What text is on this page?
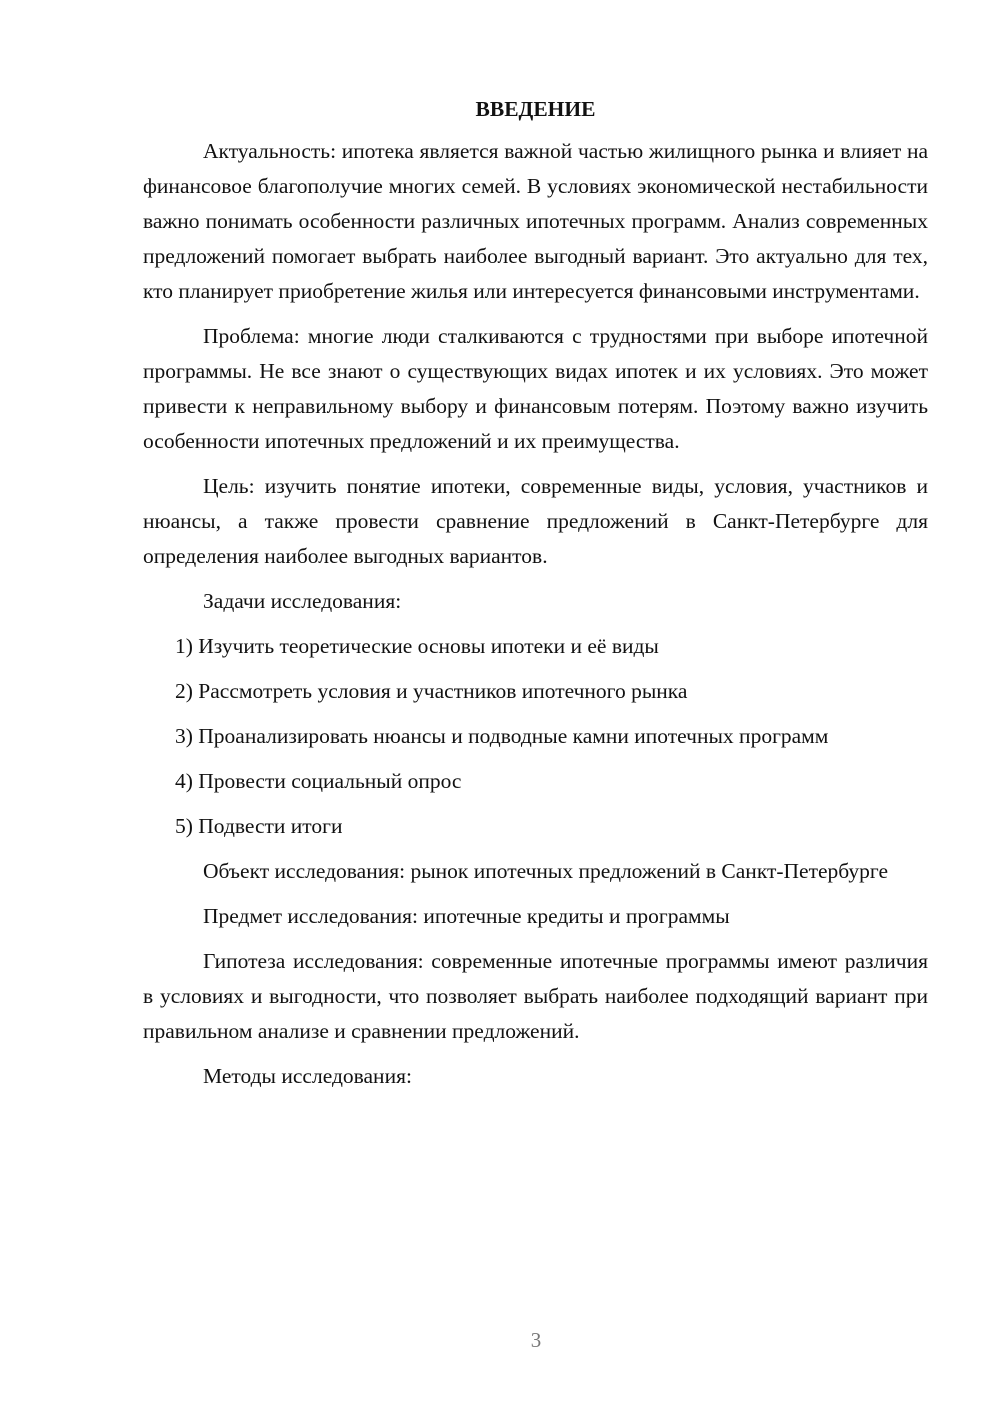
ВВЕДЕНИЕ

Актуальность: ипотека является важной частью жилищного рынка и влияет на финансовое благополучие многих семей. В условиях экономической нестабильности важно понимать особенности различных ипотечных программ. Анализ современных предложений помогает выбрать наиболее выгодный вариант. Это актуально для тех, кто планирует приобретение жилья или интересуется финансовыми инструментами.

Проблема: многие люди сталкиваются с трудностями при выборе ипотечной программы. Не все знают о существующих видах ипотек и их условиях. Это может привести к неправильному выбору и финансовым потерям. Поэтому важно изучить особенности ипотечных предложений и их преимущества.

Цель: изучить понятие ипотеки, современные виды, условия, участников и нюансы, а также провести сравнение предложений в Санкт-Петербурге для определения наиболее выгодных вариантов.

Задачи исследования:

1) Изучить теоретические основы ипотеки и её виды

2) Рассмотреть условия и участников ипотечного рынка

3) Проанализировать нюансы и подводные камни ипотечных программ

4) Провести социальный опрос

5) Подвести итоги

Объект исследования: рынок ипотечных предложений в Санкт-Петербурге

Предмет исследования: ипотечные кредиты и программы

Гипотеза исследования: современные ипотечные программы имеют различия в условиях и выгодности, что позволяет выбрать наиболее подходящий вариант при правильном анализе и сравнении предложений.

Методы исследования:

3
